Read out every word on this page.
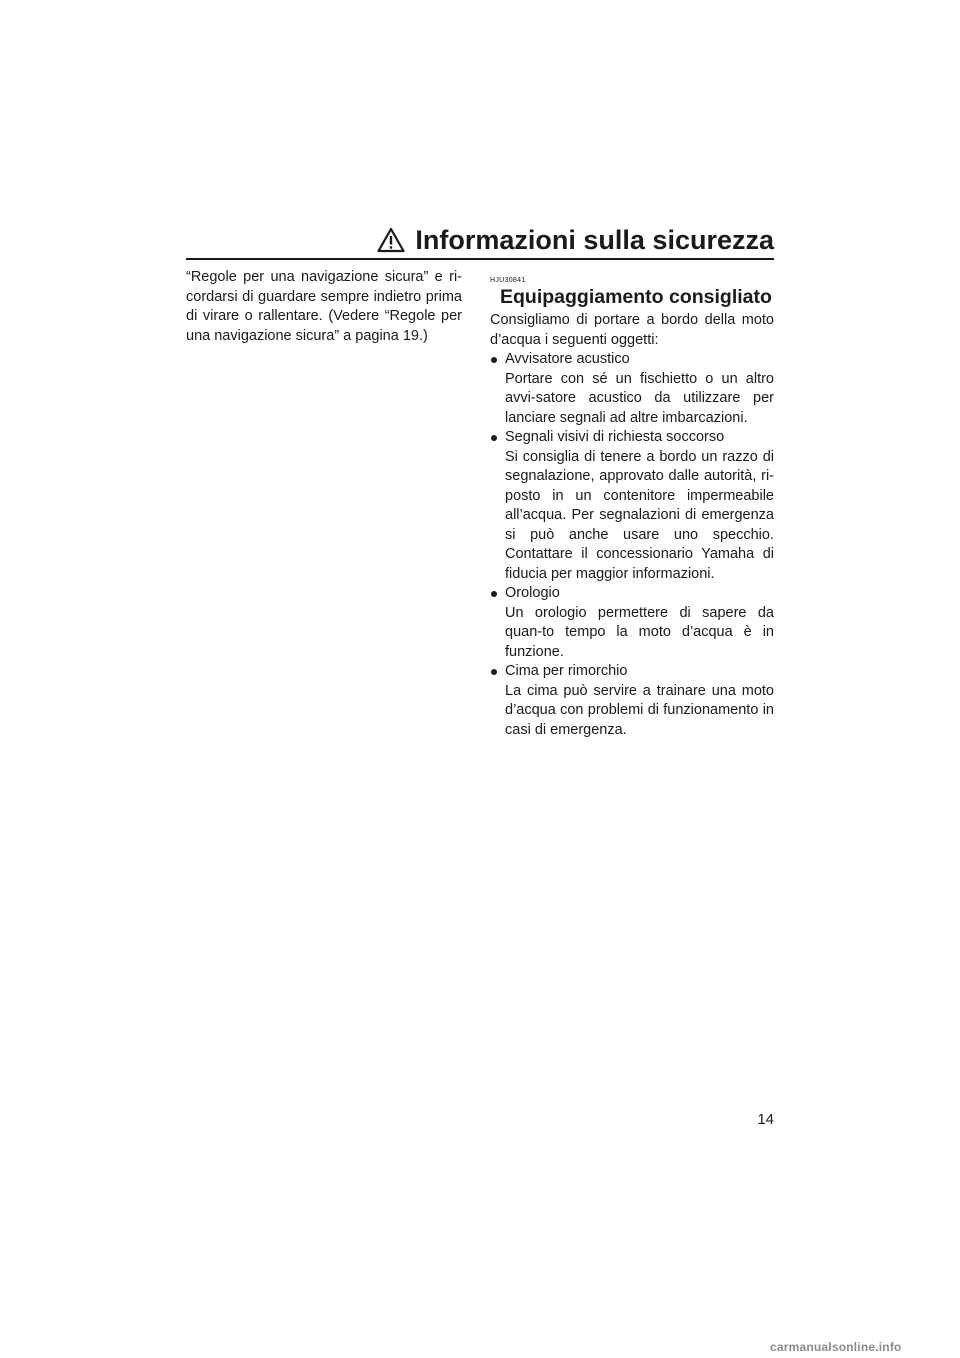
Informazioni sulla sicurezza

“Regole per una navigazione sicura” e ri-cordarsi di guardare sempre indietro prima di virare o rallentare. (Vedere “Regole per una navigazione sicura” a pagina 19.)

HJU30841
Equipaggiamento consigliato

Consigliamo di portare a bordo della moto d’acqua i seguenti oggetti:

Avvisatore acustico
Portare con sé un fischietto o un altro avvi-satore acustico da utilizzare per lanciare segnali ad altre imbarcazioni.
Segnali visivi di richiesta soccorso
Si consiglia di tenere a bordo un razzo di segnalazione, approvato dalle autorità, ri-posto in un contenitore impermeabile all’acqua. Per segnalazioni di emergenza si può anche usare uno specchio. Contattare il concessionario Yamaha di fiducia per maggior informazioni.
Orologio
Un orologio permettere di sapere da quan-to tempo la moto d’acqua è in funzione.
Cima per rimorchio
La cima può servire a trainare una moto d’acqua con problemi di funzionamento in casi di emergenza.
14
carmanualsonline.info
